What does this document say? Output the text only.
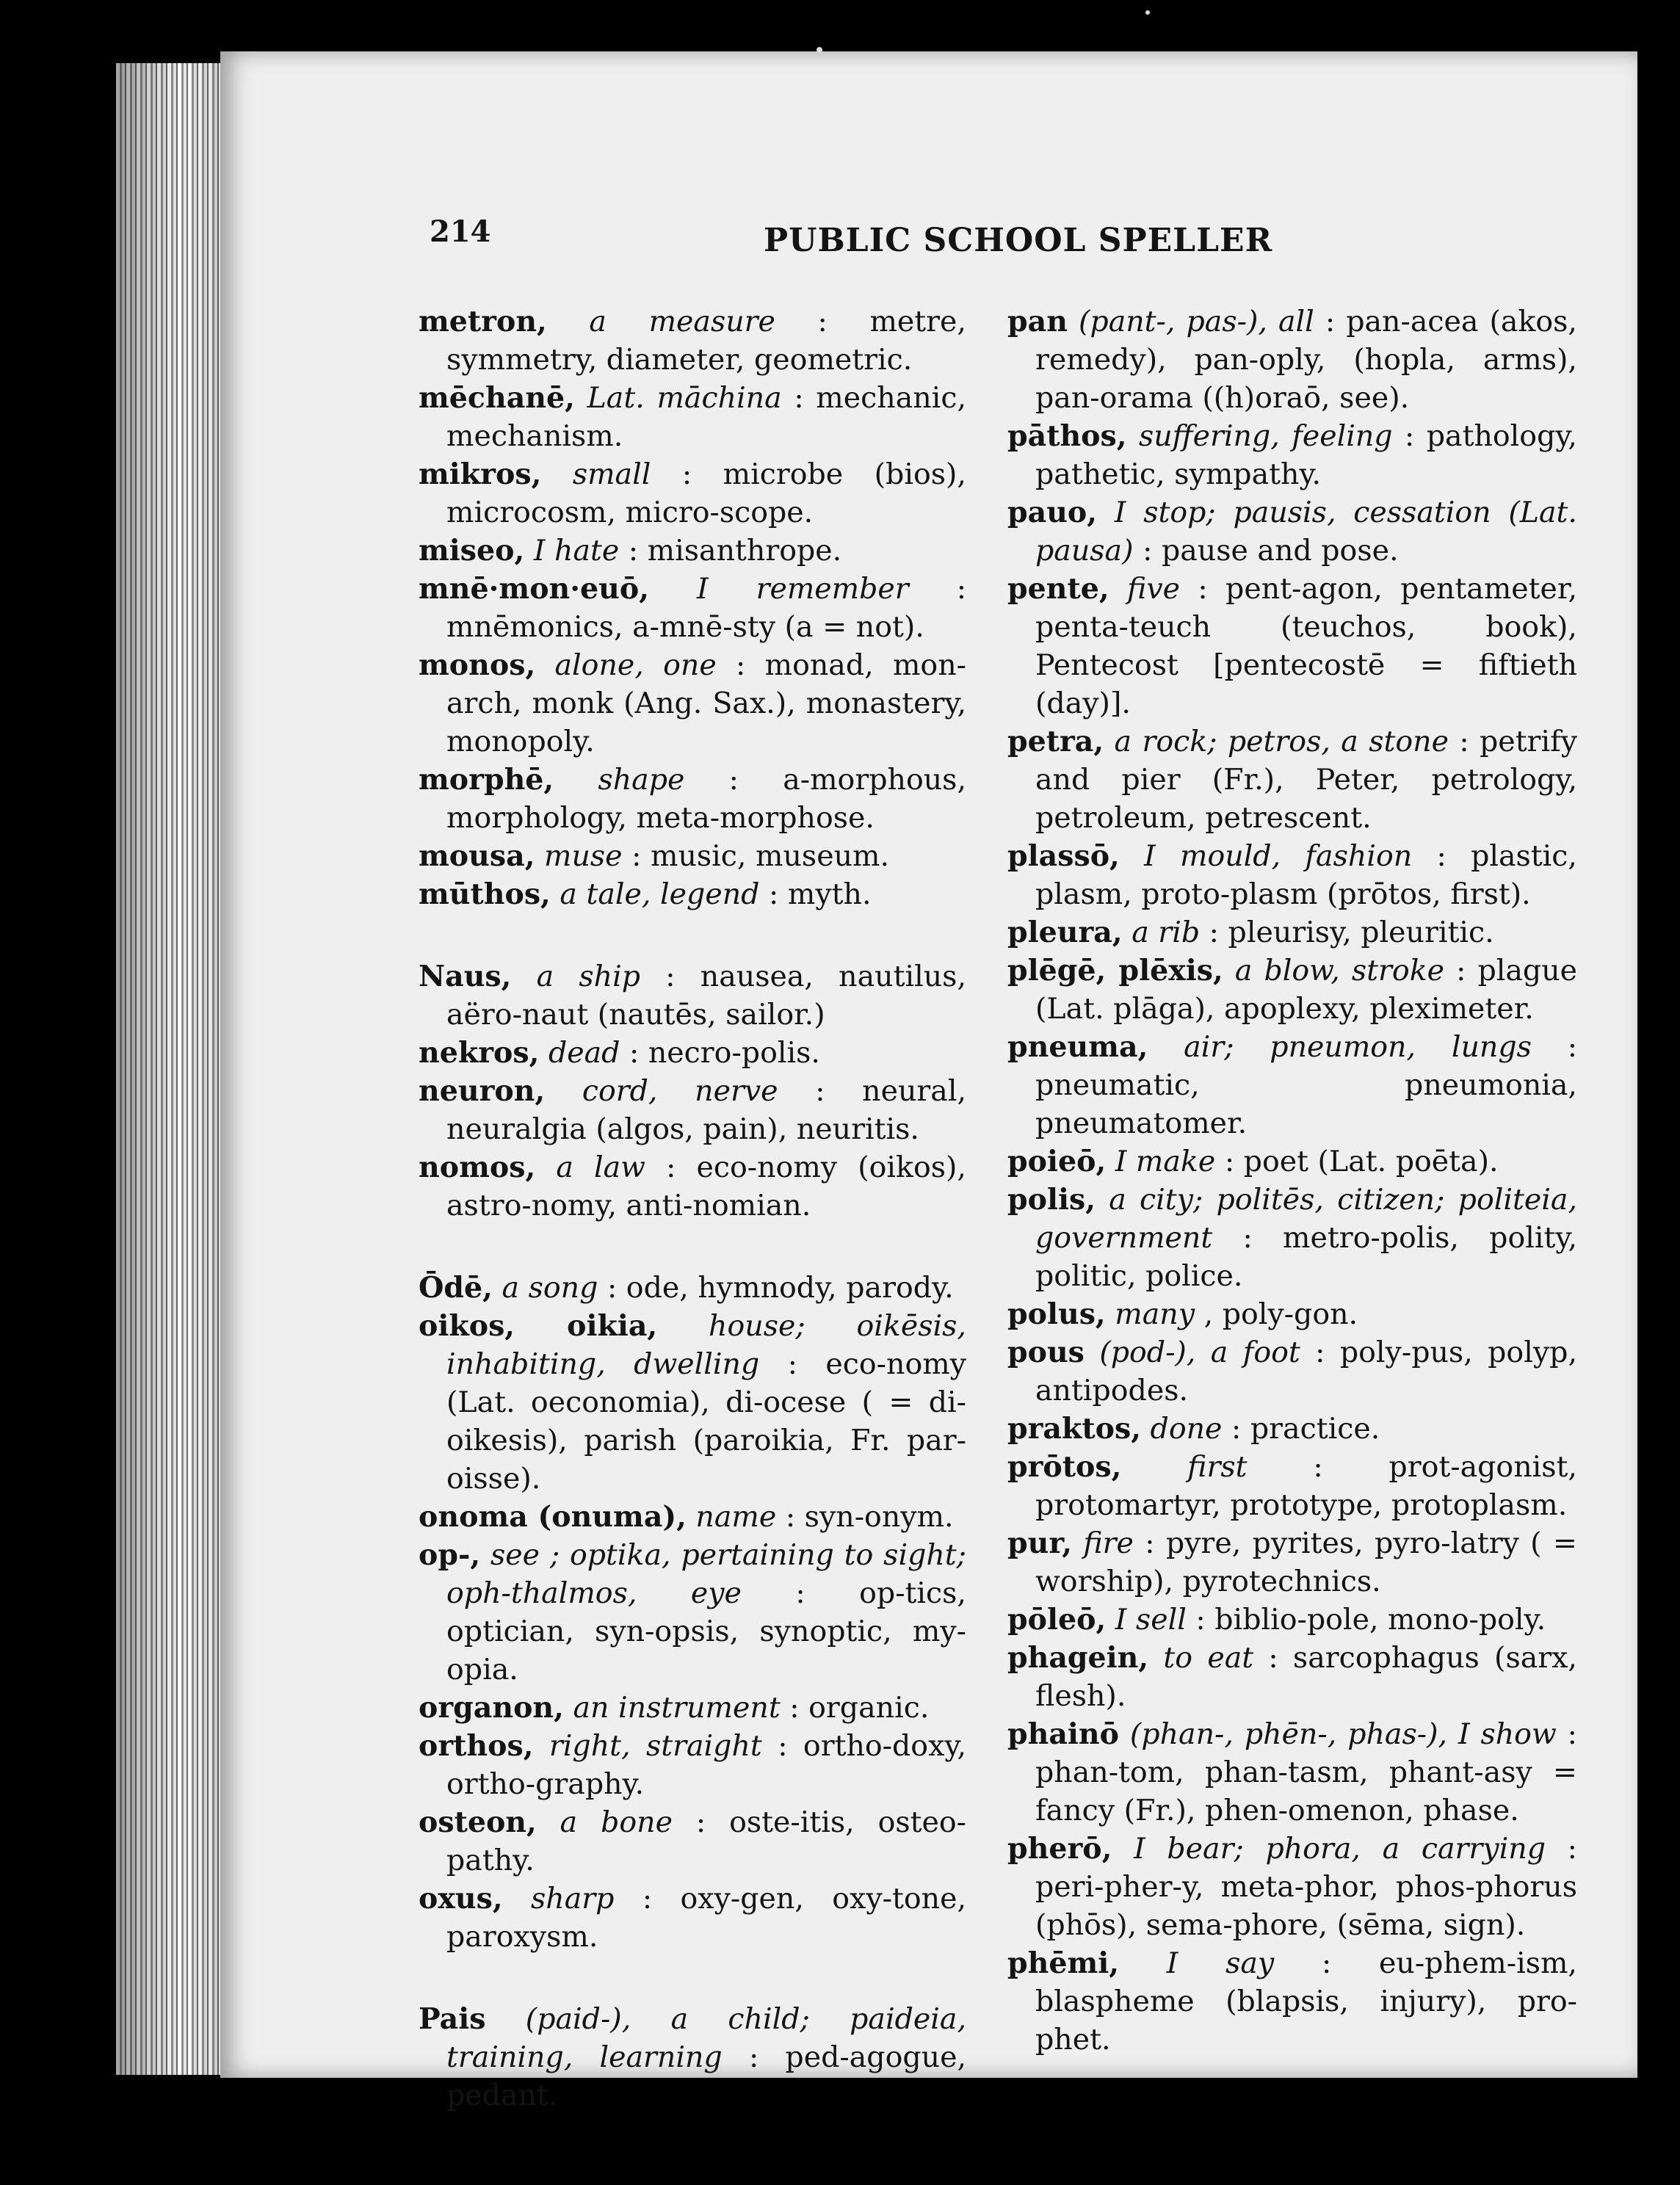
214	PUBLIC SCHOOL SPELLER

metron, a measure : metre, symmetry, diameter, geometric.

mēchanē, Lat. māchina : mechanic, mechanism.

mikros, small : microbe (bios), microcosm, micro-scope.

miseo, I hate : misanthrope.

mnē·mon·euō, I remember : mnēmonics, a-mnē-sty (a = not).

monos, alone, one : monad, mon-arch, monk (Ang. Sax.), monastery, monopoly.

morphē, shape : a-morphous, morphology, meta-morphose.

mousa, muse : music, museum.

mūthos, a tale, legend : myth.

Naus, a ship : nausea, nautilus, aëro-naut (nautēs, sailor.)

nekros, dead : necro-polis.

neuron, cord, nerve : neural, neuralgia (algos, pain), neuritis.

nomos, a law : eco-nomy (oikos), astro-nomy, anti-nomian.

Ōdē, a song : ode, hymnody, parody.

oikos, oikia, house; oikēsis, inhabiting, dwelling : eco-nomy (Lat. oeconomia), di-ocese ( = di-oikesis), parish (paroikia, Fr. par-oisse).

onoma (onuma), name : syn-onym.

op-, see ; optika, pertaining to sight; oph-thalmos, eye : op-tics, optician, syn-opsis, synoptic, my-opia.

organon, an instrument : organic.

orthos, right, straight : ortho-doxy, ortho-graphy.

osteon, a bone : oste-itis, osteo-pathy.

oxus, sharp : oxy-gen, oxy-tone, paroxysm.

Pais (paid-), a child; paideia, training, learning : ped-agogue, pedant.

pan (pant-, pas-), all : pan-acea (akos, remedy), pan-oply, (hopla, arms), pan-orama ((h)oraō, see).

pāthos, suffering, feeling : pathology, pathetic, sympathy.

pauo, I stop; pausis, cessation (Lat. pausa) : pause and pose.

pente, five : pent-agon, pentameter, penta-teuch (teuchos, book), Pentecost [pentecostē = fiftieth (day)].

petra, a rock; petros, a stone : petrify and pier (Fr.), Peter, petrology, petroleum, petrescent.

plassō, I mould, fashion : plastic, plasm, proto-plasm (prōtos, first).

pleura, a rib : pleurisy, pleuritic.

plēgē, plēxis, a blow, stroke : plague (Lat. plāga), apoplexy, pleximeter.

pneuma, air; pneumon, lungs : pneumatic, pneumonia, pneumatomer.

poieō, I make : poet (Lat. poēta).

polis, a city; politēs, citizen; politeia, government : metro-polis, polity, politic, police.

polus, many , poly-gon.

pous (pod-), a foot : poly-pus, polyp, antipodes.

praktos, done : practice.

prōtos, first : prot-agonist, protomartyr, prototype, protoplasm.

pur, fire : pyre, pyrites, pyro-latry ( = worship), pyrotechnics.

pōleō, I sell : biblio-pole, mono-poly.

phagein, to eat : sarcophagus (sarx, flesh).

phainō (phan-, phēn-, phas-), I show : phan-tom, phan-tasm, phant-asy = fancy (Fr.), phen-omenon, phase.

pherō, I bear; phora, a carrying : peri-pher-y, meta-phor, phos-phorus (phōs), sema-phore, (sēma, sign).

phēmi, I say : eu-phem-ism, blaspheme (blapsis, injury), pro-phet.
